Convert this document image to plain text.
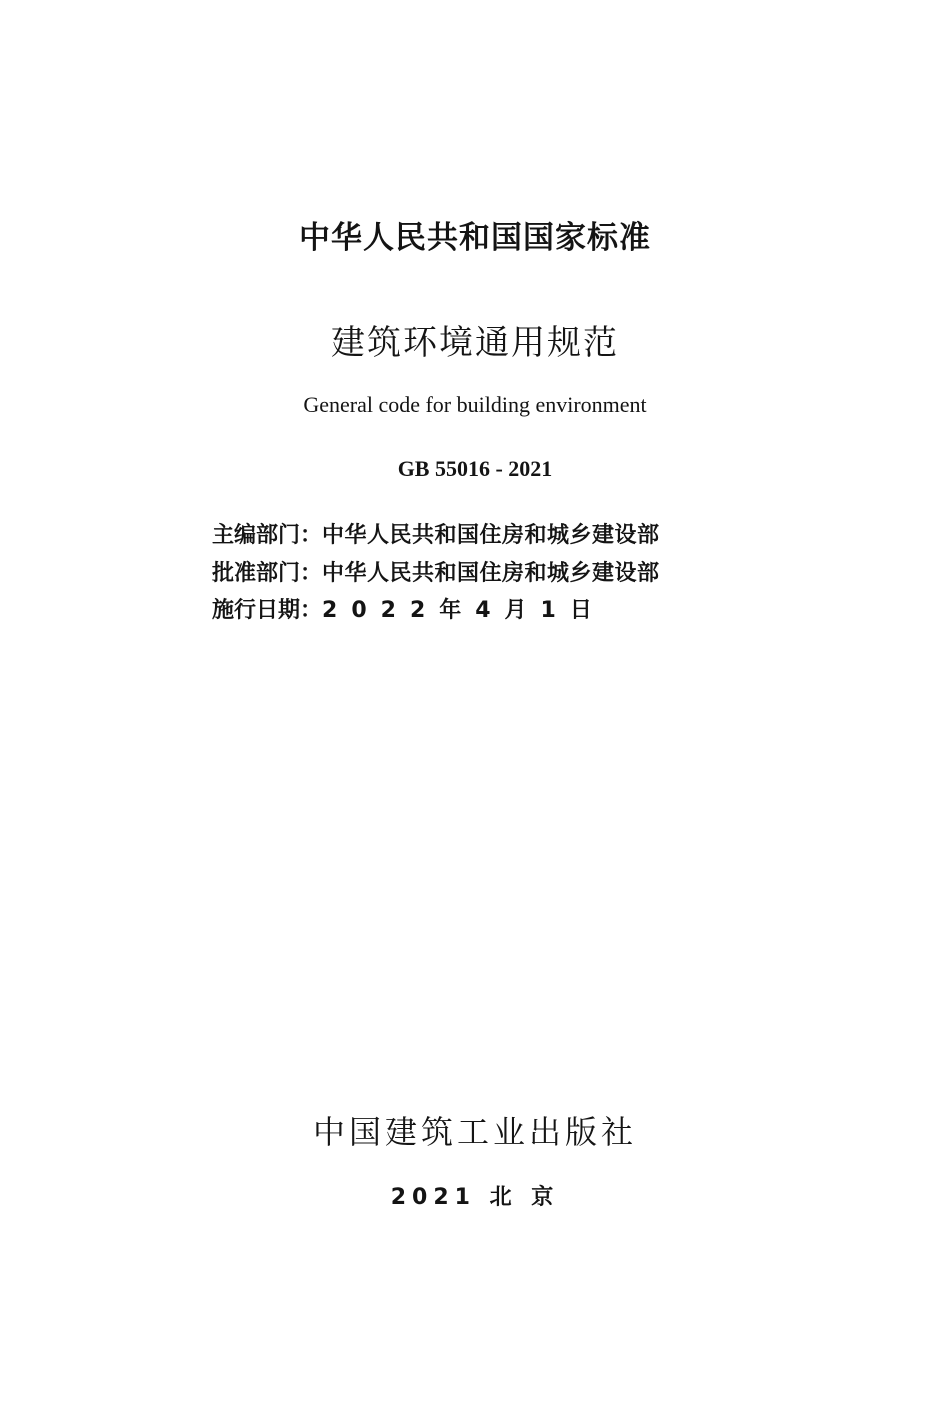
中华人民共和国国家标准
建筑环境通用规范
General code for building environment
GB 55016 - 2021
主编部门：中华人民共和国住房和城乡建设部
批准部门：中华人民共和国住房和城乡建设部
施行日期：2022年4月1日
中国建筑工业出版社
2021 北 京
